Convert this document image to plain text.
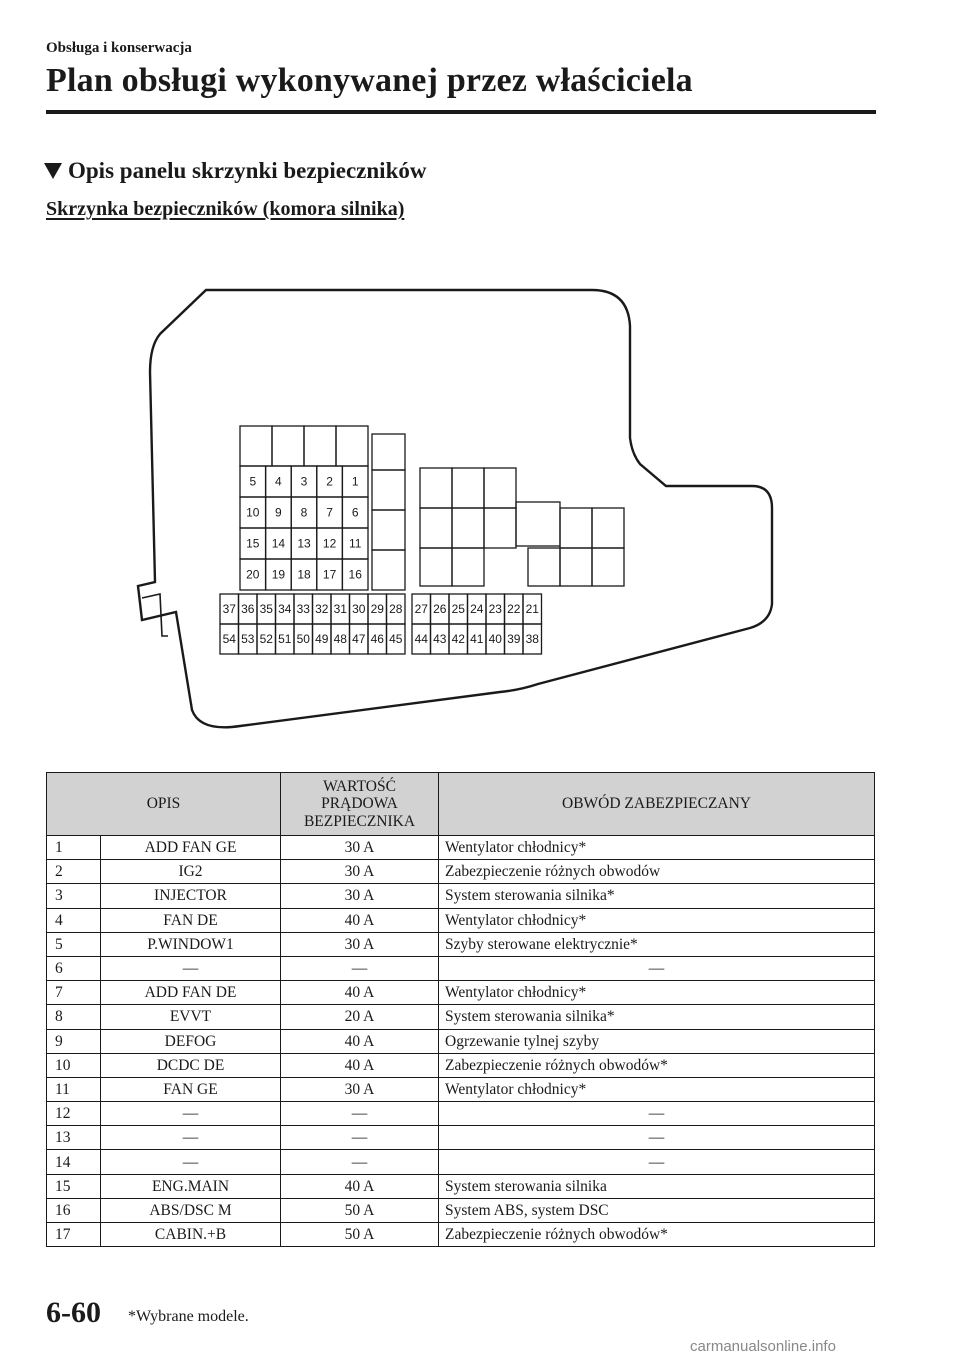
Obsługa i konserwacja
Plan obsługi wykonywanej przez właściciela
Opis panelu skrzynki bezpieczników
Skrzynka bezpieczników (komora silnika)
5 4 3 2 1
10 9 8 7 6
15 14 13 12 11
20 19 18 17 16
37 36 35 34 33 32 31 30 29 28
54 53 52 51 50 49 48 47 46 45
27 26 25 24 23 22 21
44 43 42 41 40 39 38
OPIS		WARTOŚĆ PRĄDOWA BEZPIECZNIKA	OBWÓD ZABEZPIECZANY
1	ADD FAN GE	30 A	Wentylator chłodnicy*
2	IG2	30 A	Zabezpieczenie różnych obwodów
3	INJECTOR	30 A	System sterowania silnika*
4	FAN DE	40 A	Wentylator chłodnicy*
5	P.WINDOW1	30 A	Szyby sterowane elektrycznie*
6	—	—	—
7	ADD FAN DE	40 A	Wentylator chłodnicy*
8	EVVT	20 A	System sterowania silnika*
9	DEFOG	40 A	Ogrzewanie tylnej szyby
10	DCDC DE	40 A	Zabezpieczenie różnych obwodów*
11	FAN GE	30 A	Wentylator chłodnicy*
12	—	—	—
13	—	—	—
14	—	—	—
15	ENG.MAIN	40 A	System sterowania silnika
16	ABS/DSC M	50 A	System ABS, system DSC
17	CABIN.+B	50 A	Zabezpieczenie różnych obwodów*
6-60 *Wybrane modele.
carmanualsonline.info
